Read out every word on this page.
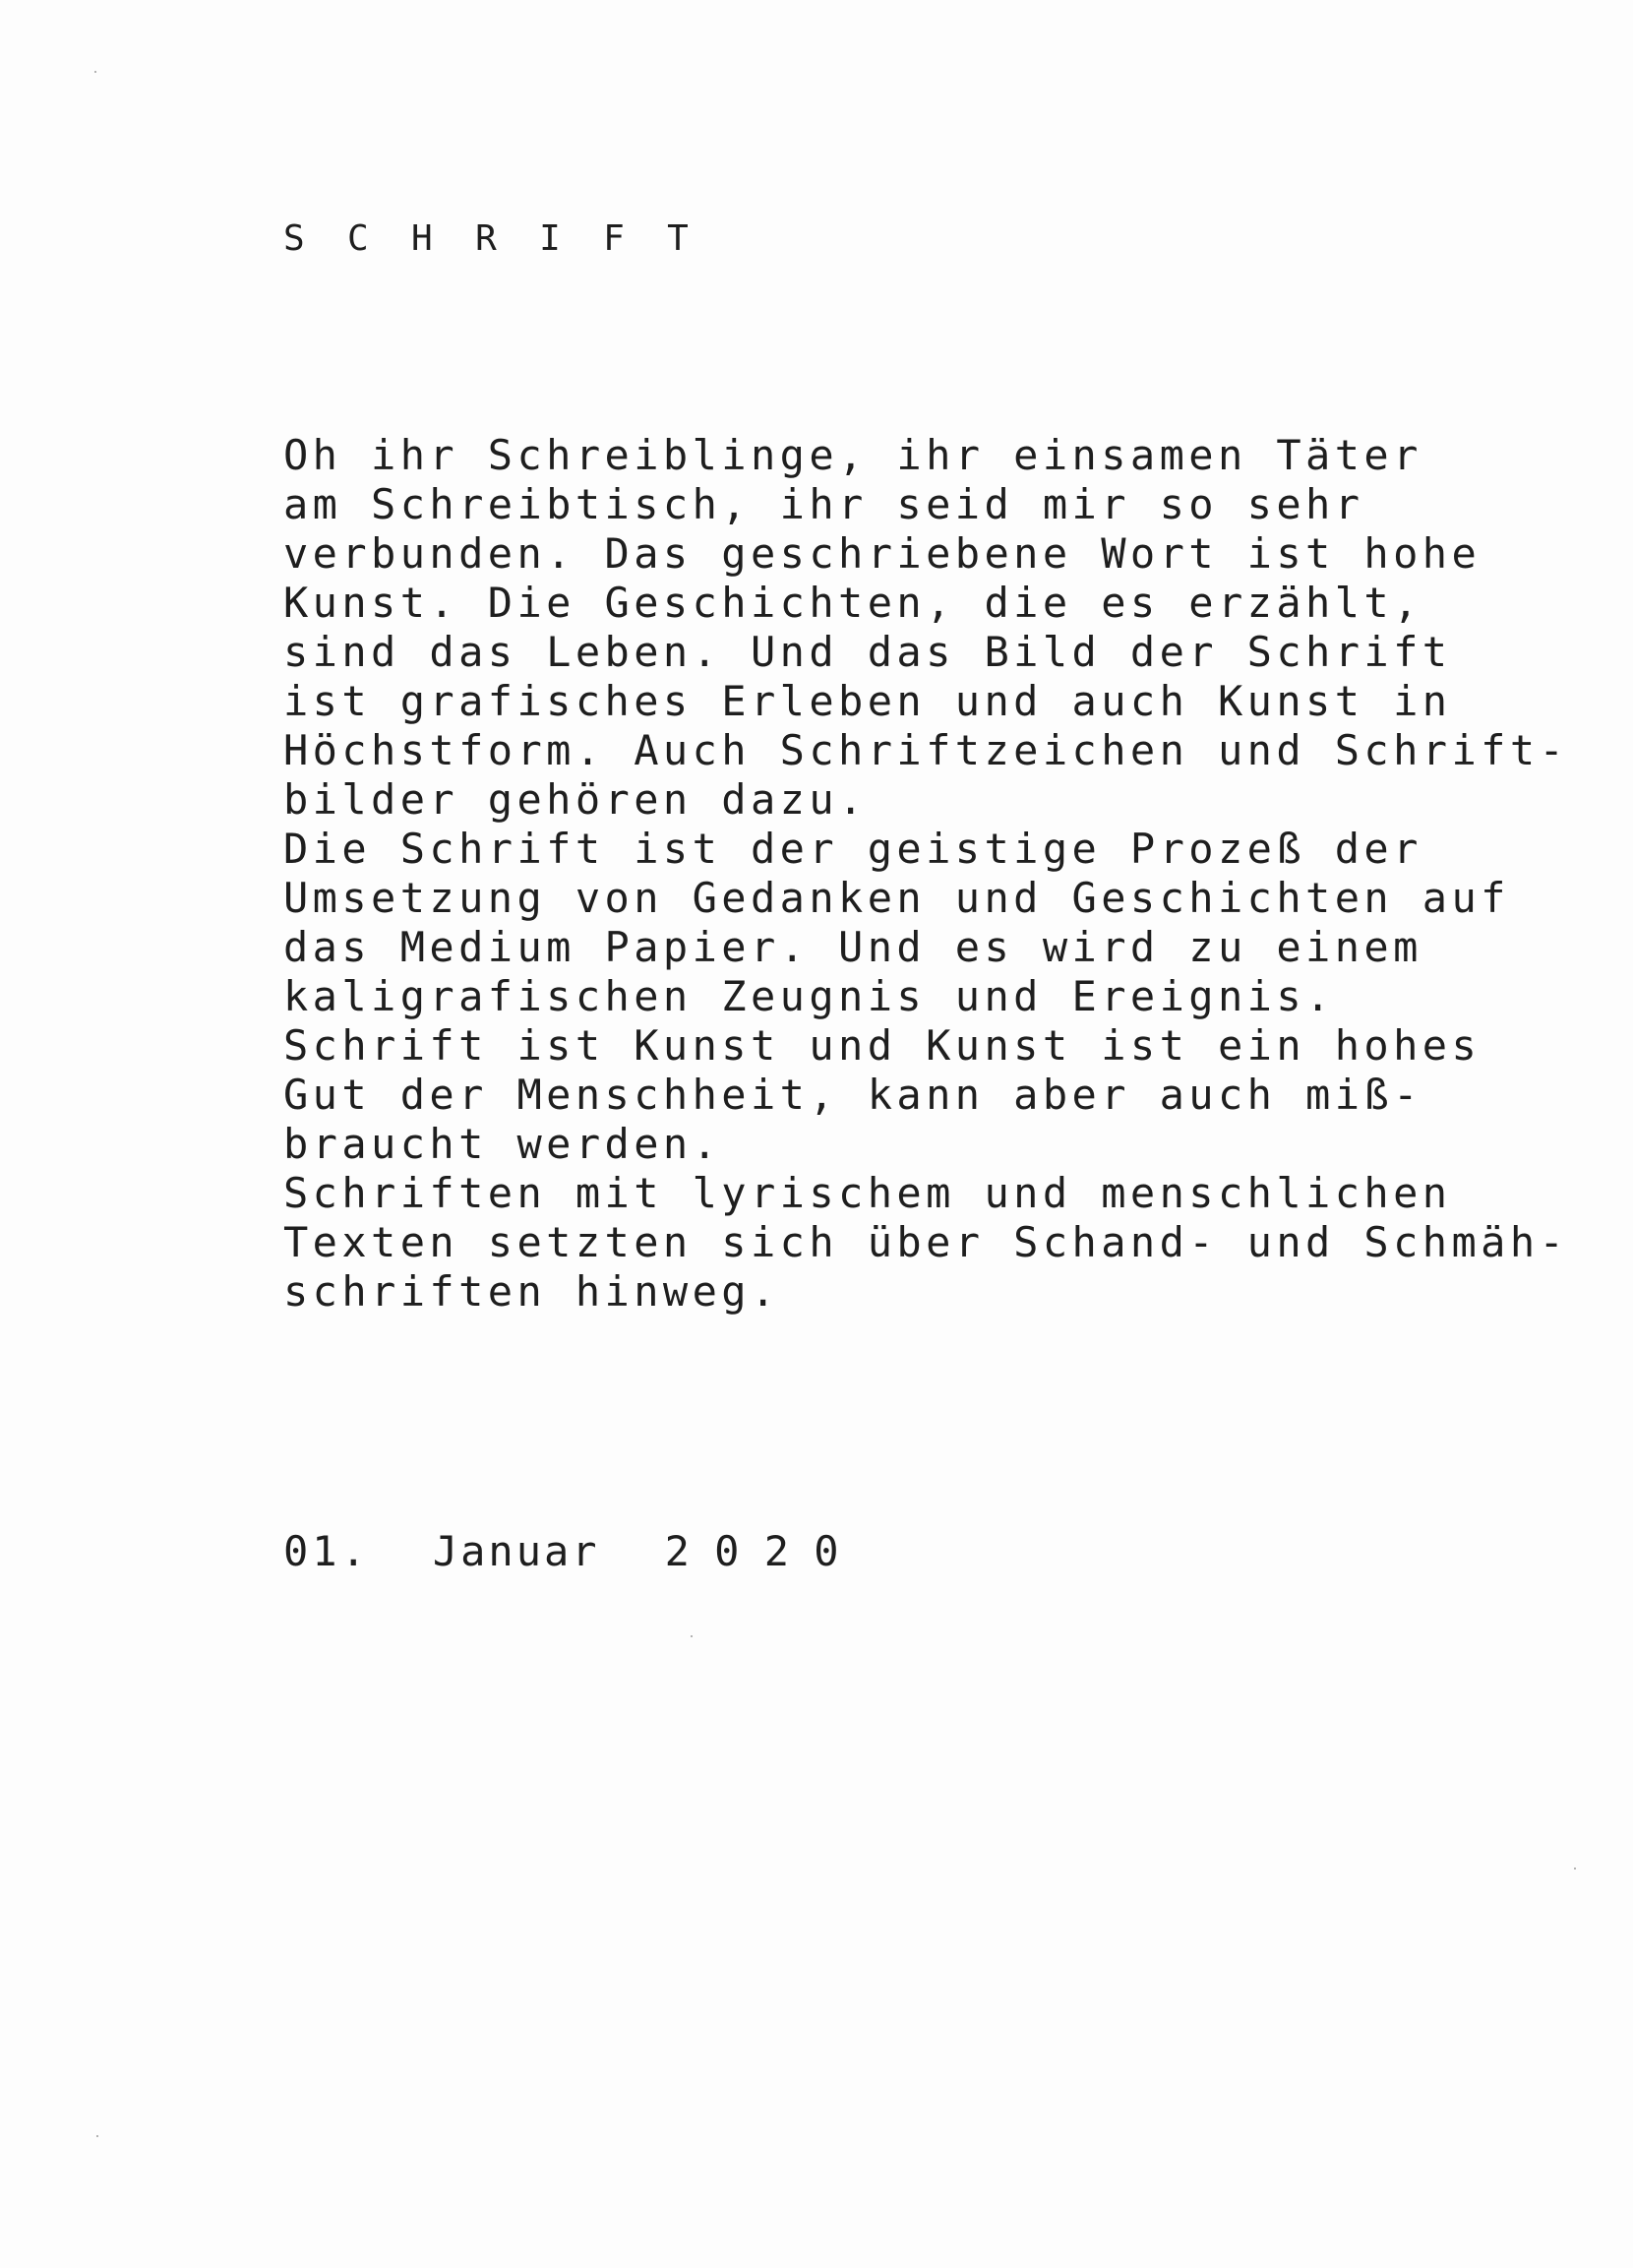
S  C  H  R  I  F  T
Oh ihr Schreiblinge, ihr einsamen Täter
am Schreibtisch, ihr seid mir so sehr
verbunden. Das geschriebene Wort ist hohe
Kunst. Die Geschichten, die es erzählt,
sind das Leben. Und das Bild der Schrift
ist grafisches Erleben und auch Kunst in
Höchstform. Auch Schriftzeichen und Schrift-
bilder gehören dazu.
Die Schrift ist der geistige Prozeß der
Umsetzung von Gedanken und Geschichten auf
das Medium Papier. Und es wird zu einem
kaligrafischen Zeugnis und Ereignis.
Schrift ist Kunst und Kunst ist ein hohes
Gut der Menschheit, kann aber auch miß-
braucht werden.
Schriften mit lyrischem und menschlichen
Texten setzten sich über Schand- und Schmäh-
schriften hinweg.

01. Januar 2 0 2 0
